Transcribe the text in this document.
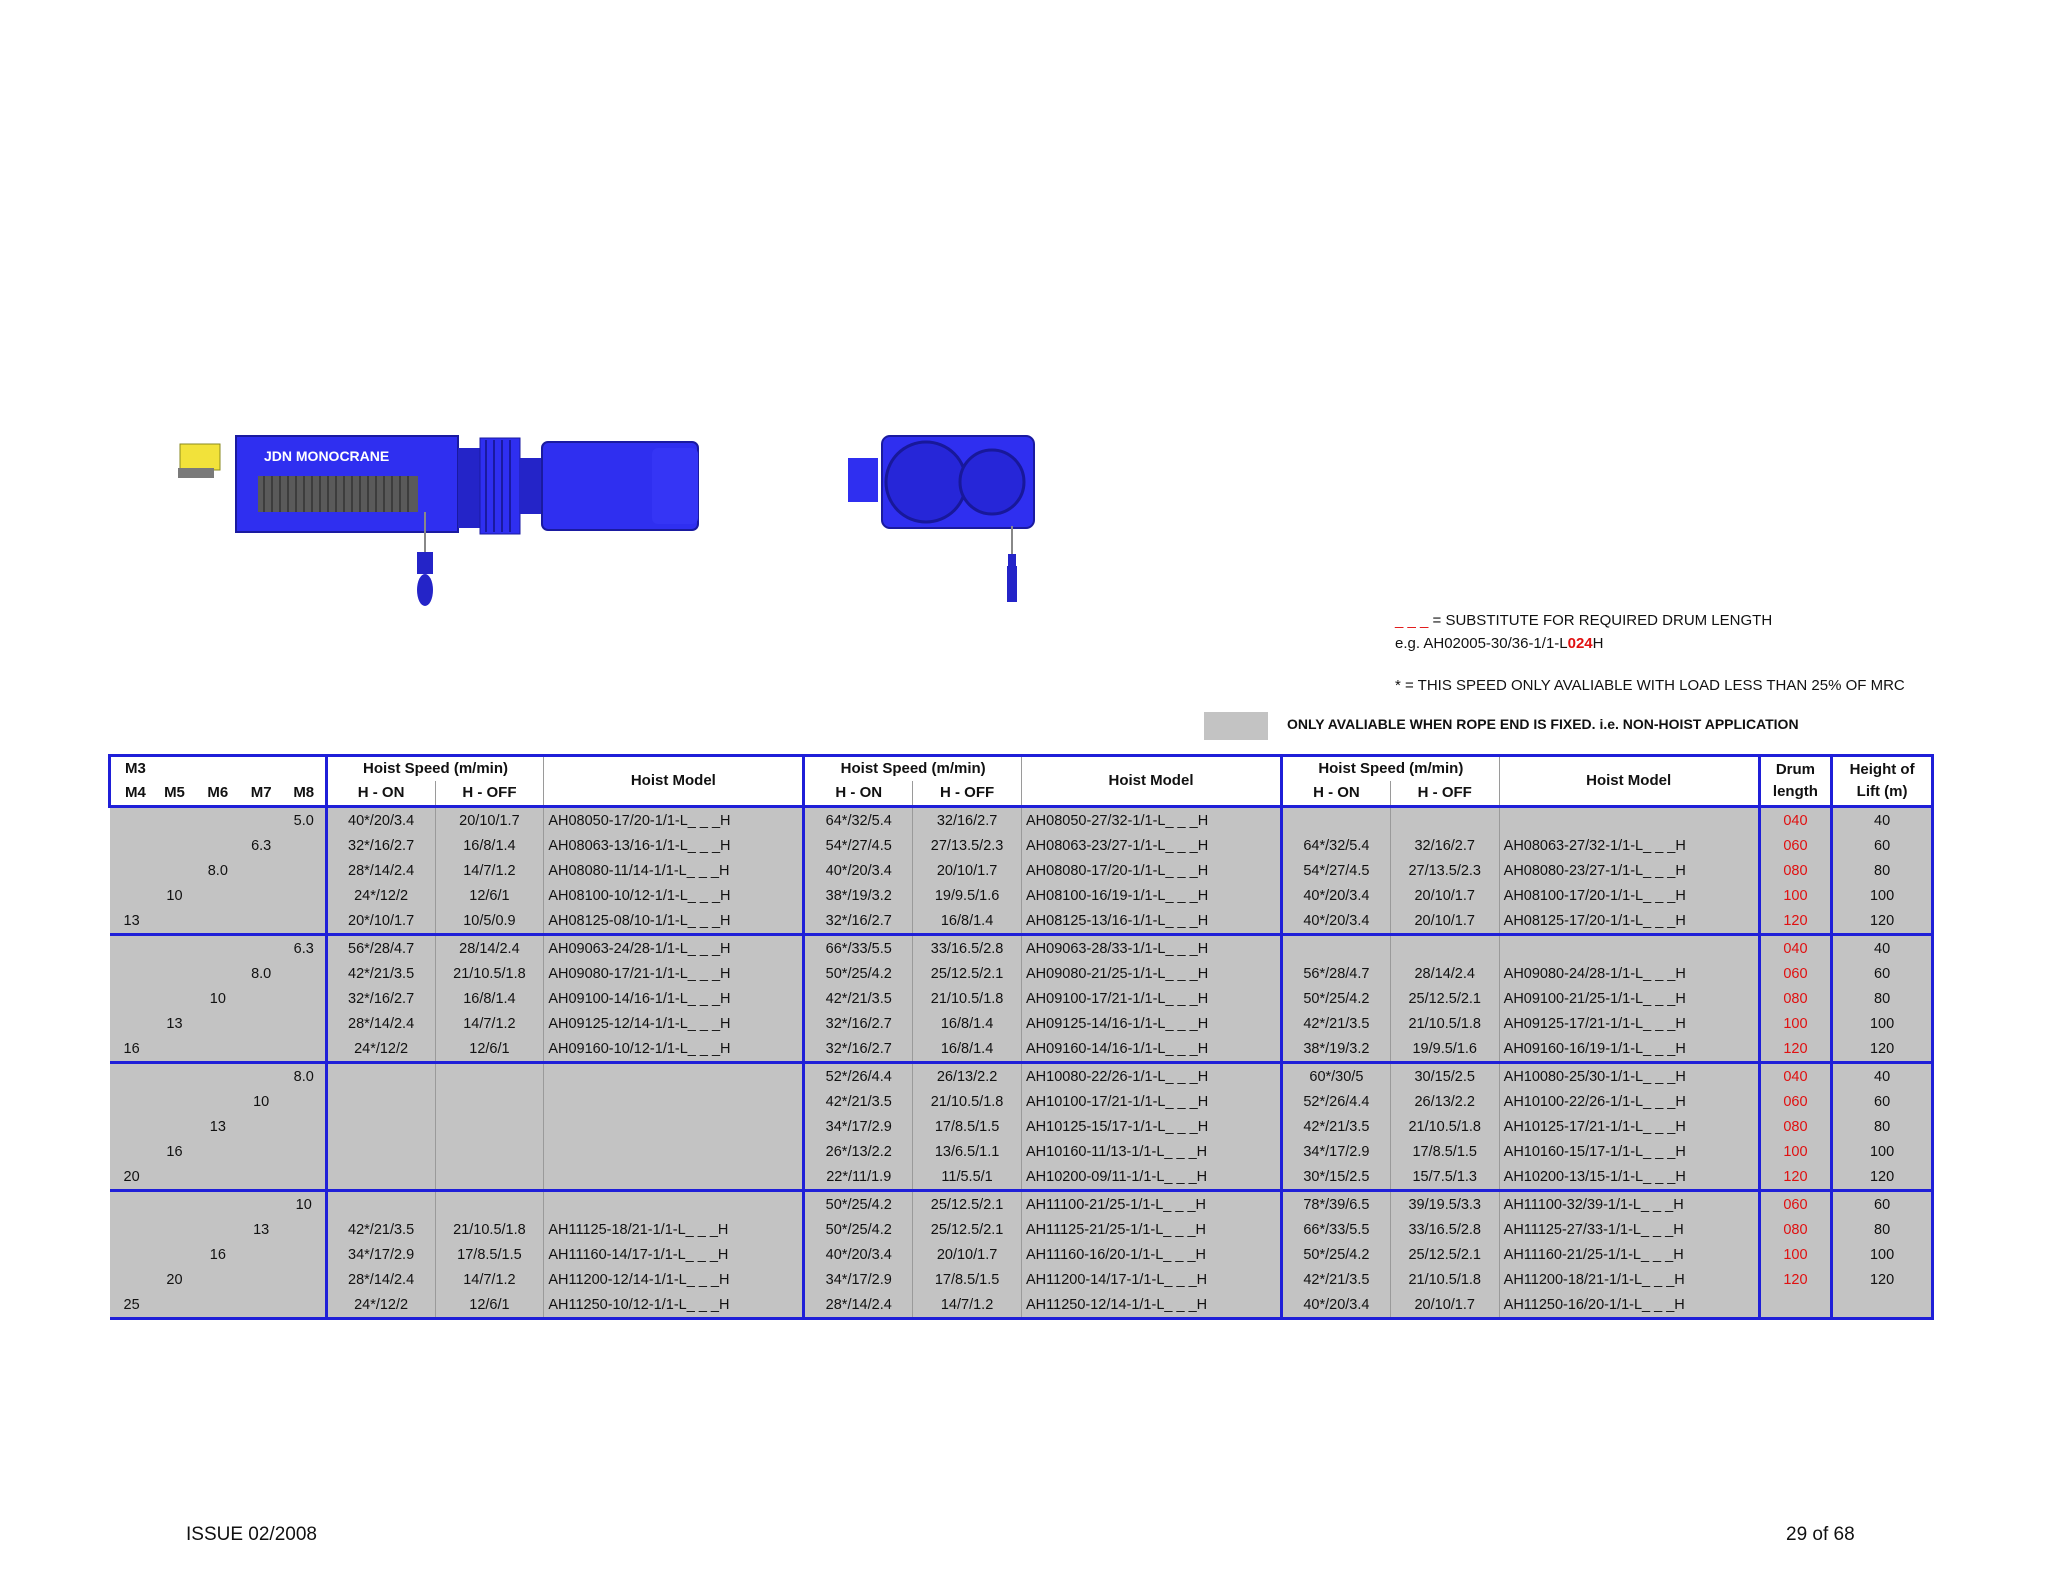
JDN MONOCRANE
_ _ _ = SUBSTITUTE FOR REQUIRED DRUM LENGTH
e.g. AH02005-30/36-1/1-L024H
* = THIS SPEED ONLY AVALIABLE WITH LOAD LESS THAN 25% OF MRC
ONLY AVALIABLE WHEN ROPE END IS FIXED. i.e. NON-HOIST APPLICATION
M3					Hoist Speed (m/min)		Hoist Model	Hoist Speed (m/min)		Hoist Model	Hoist Speed (m/min)		Hoist Model	Drum length	Height of Lift (m)
M4	M5	M6	M7	M8	H - ON	H - OFF		H - ON	H - OFF		H - ON	H - OFF			
				5.0	40*/20/3.4	20/10/1.7	AH08050-17/20-1/1-L_ _ _H	64*/32/5.4	32/16/2.7	AH08050-27/32-1/1-L_ _ _H				040	40
			6.3		32*/16/2.7	16/8/1.4	AH08063-13/16-1/1-L_ _ _H	54*/27/4.5	27/13.5/2.3	AH08063-23/27-1/1-L_ _ _H	64*/32/5.4	32/16/2.7	AH08063-27/32-1/1-L_ _ _H	060	60
		8.0			28*/14/2.4	14/7/1.2	AH08080-11/14-1/1-L_ _ _H	40*/20/3.4	20/10/1.7	AH08080-17/20-1/1-L_ _ _H	54*/27/4.5	27/13.5/2.3	AH08080-23/27-1/1-L_ _ _H	080	80
	10				24*/12/2	12/6/1	AH08100-10/12-1/1-L_ _ _H	38*/19/3.2	19/9.5/1.6	AH08100-16/19-1/1-L_ _ _H	40*/20/3.4	20/10/1.7	AH08100-17/20-1/1-L_ _ _H	100	100
13					20*/10/1.7	10/5/0.9	AH08125-08/10-1/1-L_ _ _H	32*/16/2.7	16/8/1.4	AH08125-13/16-1/1-L_ _ _H	40*/20/3.4	20/10/1.7	AH08125-17/20-1/1-L_ _ _H	120	120
				6.3	56*/28/4.7	28/14/2.4	AH09063-24/28-1/1-L_ _ _H	66*/33/5.5	33/16.5/2.8	AH09063-28/33-1/1-L_ _ _H				040	40
			8.0		42*/21/3.5	21/10.5/1.8	AH09080-17/21-1/1-L_ _ _H	50*/25/4.2	25/12.5/2.1	AH09080-21/25-1/1-L_ _ _H	56*/28/4.7	28/14/2.4	AH09080-24/28-1/1-L_ _ _H	060	60
		10			32*/16/2.7	16/8/1.4	AH09100-14/16-1/1-L_ _ _H	42*/21/3.5	21/10.5/1.8	AH09100-17/21-1/1-L_ _ _H	50*/25/4.2	25/12.5/2.1	AH09100-21/25-1/1-L_ _ _H	080	80
	13				28*/14/2.4	14/7/1.2	AH09125-12/14-1/1-L_ _ _H	32*/16/2.7	16/8/1.4	AH09125-14/16-1/1-L_ _ _H	42*/21/3.5	21/10.5/1.8	AH09125-17/21-1/1-L_ _ _H	100	100
16					24*/12/2	12/6/1	AH09160-10/12-1/1-L_ _ _H	32*/16/2.7	16/8/1.4	AH09160-14/16-1/1-L_ _ _H	38*/19/3.2	19/9.5/1.6	AH09160-16/19-1/1-L_ _ _H	120	120
				8.0				52*/26/4.4	26/13/2.2	AH10080-22/26-1/1-L_ _ _H	60*/30/5	30/15/2.5	AH10080-25/30-1/1-L_ _ _H	040	40
			10					42*/21/3.5	21/10.5/1.8	AH10100-17/21-1/1-L_ _ _H	52*/26/4.4	26/13/2.2	AH10100-22/26-1/1-L_ _ _H	060	60
		13						34*/17/2.9	17/8.5/1.5	AH10125-15/17-1/1-L_ _ _H	42*/21/3.5	21/10.5/1.8	AH10125-17/21-1/1-L_ _ _H	080	80
	16							26*/13/2.2	13/6.5/1.1	AH10160-11/13-1/1-L_ _ _H	34*/17/2.9	17/8.5/1.5	AH10160-15/17-1/1-L_ _ _H	100	100
20								22*/11/1.9	11/5.5/1	AH10200-09/11-1/1-L_ _ _H	30*/15/2.5	15/7.5/1.3	AH10200-13/15-1/1-L_ _ _H	120	120
				10				50*/25/4.2	25/12.5/2.1	AH11100-21/25-1/1-L_ _ _H	78*/39/6.5	39/19.5/3.3	AH11100-32/39-1/1-L_ _ _H	060	60
			13		42*/21/3.5	21/10.5/1.8	AH11125-18/21-1/1-L_ _ _H	50*/25/4.2	25/12.5/2.1	AH11125-21/25-1/1-L_ _ _H	66*/33/5.5	33/16.5/2.8	AH11125-27/33-1/1-L_ _ _H	080	80
		16			34*/17/2.9	17/8.5/1.5	AH11160-14/17-1/1-L_ _ _H	40*/20/3.4	20/10/1.7	AH11160-16/20-1/1-L_ _ _H	50*/25/4.2	25/12.5/2.1	AH11160-21/25-1/1-L_ _ _H	100	100
	20				28*/14/2.4	14/7/1.2	AH11200-12/14-1/1-L_ _ _H	34*/17/2.9	17/8.5/1.5	AH11200-14/17-1/1-L_ _ _H	42*/21/3.5	21/10.5/1.8	AH11200-18/21-1/1-L_ _ _H	120	120
25					24*/12/2	12/6/1	AH11250-10/12-1/1-L_ _ _H	28*/14/2.4	14/7/1.2	AH11250-12/14-1/1-L_ _ _H	40*/20/3.4	20/10/1.7	AH11250-16/20-1/1-L_ _ _H		
ISSUE 02/2008	29 of 68
